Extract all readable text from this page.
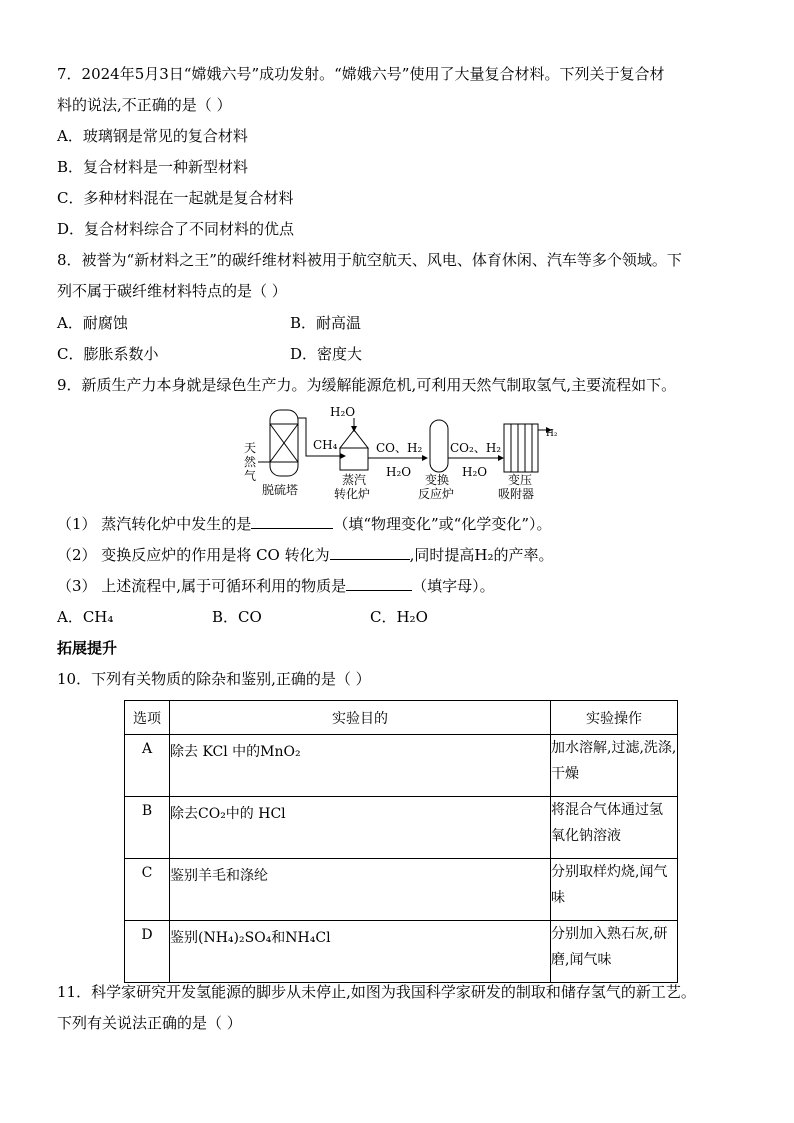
7．2024年5月3日“嫦娥六号”成功发射。“嫦娥六号”使用了大量复合材料。下列关于复合材
料的说法,不正确的是（ ）
A．玻璃钢是常见的复合材料
B．复合材料是一种新型材料
C．多种材料混在一起就是复合材料
D．复合材料综合了不同材料的优点
8．被誉为“新材料之王”的碳纤维材料被用于航空航天、风电、体育休闲、汽车等多个领域。下
列不属于碳纤维材料特点的是（ ）
A．耐腐蚀	B．耐高温
C．膨胀系数小	D．密度大
9．新质生产力本身就是绿色生产力。为缓解能源危机,可利用天然气制取氢气,主要流程如下。
天
然
气
脱硫塔
CH₄
H₂O
蒸汽
转化炉
CO、H₂
H₂O
变换
反应炉
CO₂、H₂
H₂O
变压
吸附器
H₂
（1） 蒸汽转化炉中发生的是	（填“物理变化”或“化学变化”）。
（2） 变换反应炉的作用是将 CO 转化为	,同时提高H₂的产率。
（3） 上述流程中,属于可循环利用的物质是	（填字母）。
A．CH₄	B．CO	C．H₂O
拓展提升
10．下列有关物质的除杂和鉴别,正确的是（ ）
选项	实验目的	实验操作
A	除去 KCl 中的MnO₂	加水溶解,过滤,洗涤,
干燥

B	除去CO₂中的 HCl	将混合气体通过氢
氧化钠溶液

C	鉴别羊毛和涤纶	分别取样灼烧,闻气
味

D	鉴别(NH₄)₂SO₄和NH₄Cl	分别加入熟石灰,研
磨,闻气味
11．科学家研究开发氢能源的脚步从未停止,如图为我国科学家研发的制取和储存氢气的新工艺。
下列有关说法正确的是（ ）
